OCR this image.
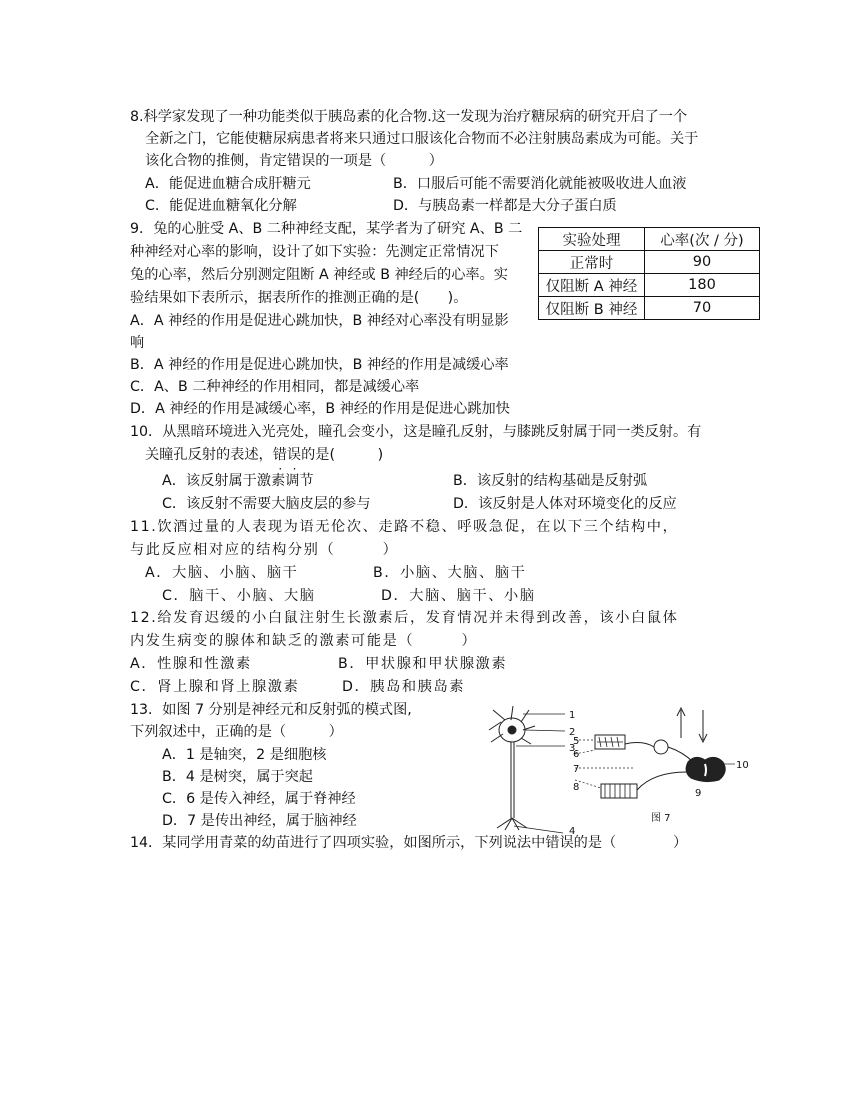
8.科学家发现了一种功能类似于胰岛素的化合物.这一发现为治疗糖尿病的研究开启了一个
全新之门，它能使糖尿病患者将来只通过口服该化合物而不必注射胰岛素成为可能。关于
该化合物的推侧，肯定错误的一项是（　　　）
A．能促进血糖合成肝糖元	B．口服后可能不需要消化就能被吸收进人血液
C．能促进血糖氧化分解	D．与胰岛素一样都是大分子蛋白质
9．兔的心脏受 A、B 二种神经支配，某学者为了研究 A、B 二
种神经对心率的影响，设计了如下实验：先测定正常情况下
兔的心率，然后分别测定阻断 A 神经或 B 神经后的心率。实
验结果如下表所示，据表所作的推测正确的是(　　)。
A．A 神经的作用是促进心跳加快，B 神经对心率没有明显影
响
B．A 神经的作用是促进心跳加快，B 神经的作用是减缓心率
C．A、B 二种神经的作用相同，都是减缓心率
D．A 神经的作用是减缓心率，B 神经的作用是促进心跳加快
实验处理	心率(次 / 分)
正常时	90
仅阻断 A 神经	180
仅阻断 B 神经	70
10．从黑暗环境进入光亮处，瞳孔会变小，这是瞳孔反射，与膝跳反射属于同一类反射。有
关瞳孔反射的表述，错误的是(　　　)
A．该反射属于激素调节	B．该反射的结构基础是反射弧
C．该反射不需要大脑皮层的参与	D．该反射是人体对环境变化的反应
11.饮酒过量的人表现为语无伦次、走路不稳、呼吸急促，在以下三个结构中，
与此反应相对应的结构分别（　　　）
A．大脑、小脑、脑干	B．小脑、大脑、脑干
C．脑干、小脑、大脑	D．大脑、脑干、小脑
12.给发育迟缓的小白鼠注射生长激素后，发育情况并未得到改善，该小白鼠体
内发生病变的腺体和缺乏的激素可能是（　　　）
A．性腺和性激素	B．甲状腺和甲状腺激素
C．肾上腺和肾上腺激素	D．胰岛和胰岛素
13．如图 7 分别是神经元和反射弧的模式图,
下列叙述中，正确的是（　　　）
A．1 是轴突，2 是细胞核
B．4 是树突，属于突起
C．6 是传入神经，属于脊神经
D．7 是传出神经，属于脑神经
1
2
3
4
5
6
7
8
9
10
图 7
14．某同学用青菜的幼苗进行了四项实验，如图所示，下列说法中错误的是（　　　　）
